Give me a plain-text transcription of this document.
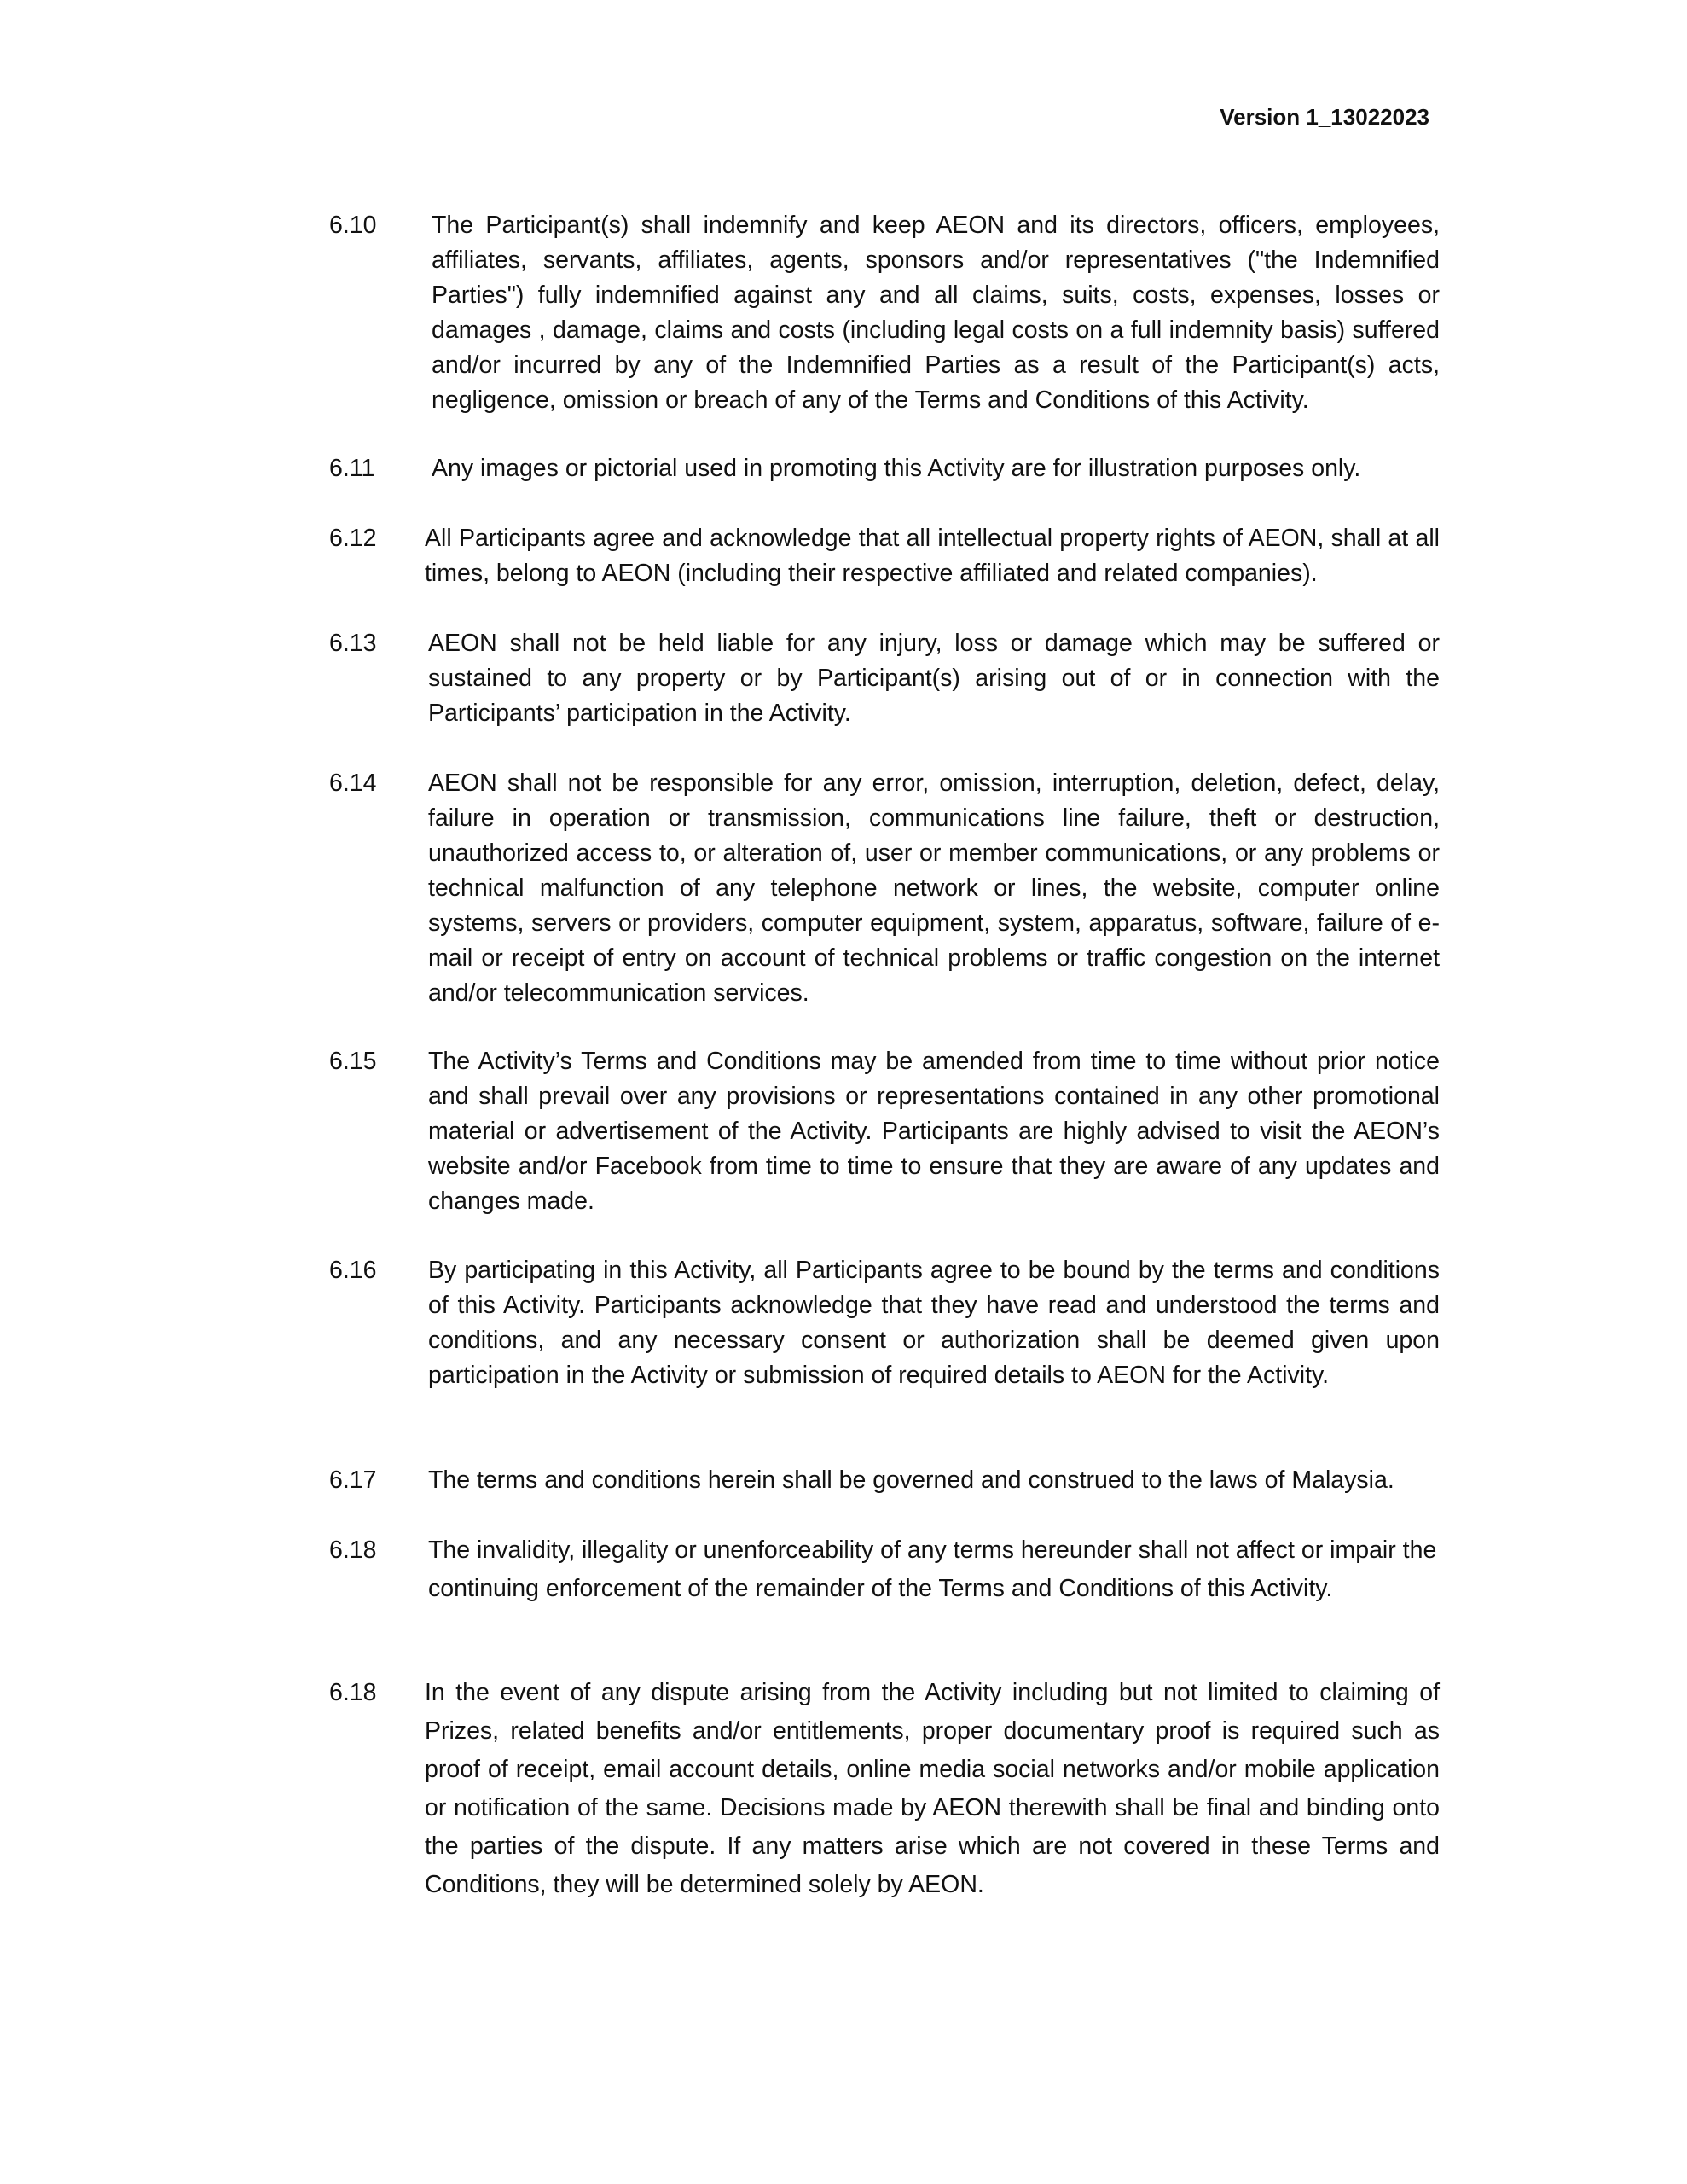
Version 1_13022023
6.10 The Participant(s) shall indemnify and keep AEON and its directors, officers, employees, affiliates, servants, affiliates, agents, sponsors and/or representatives ("the Indemnified Parties") fully indemnified against any and all claims, suits, costs, expenses, losses or damages , damage, claims and costs (including legal costs on a full indemnity basis) suffered and/or incurred by any of the Indemnified Parties as a result of the Participant(s) acts, negligence, omission or breach of any of the Terms and Conditions of this Activity.
6.11 Any images or pictorial used in promoting this Activity are for illustration purposes only.
6.12 All Participants agree and acknowledge that all intellectual property rights of AEON, shall at all times, belong to AEON (including their respective affiliated and related companies).
6.13 AEON shall not be held liable for any injury, loss or damage which may be suffered or sustained to any property or by Participant(s) arising out of or in connection with the Participants’ participation in the Activity.
6.14 AEON shall not be responsible for any error, omission, interruption, deletion, defect, delay, failure in operation or transmission, communications line failure, theft or destruction, unauthorized access to, or alteration of, user or member communications, or any problems or technical malfunction of any telephone network or lines, the website, computer online systems, servers or providers, computer equipment, system, apparatus, software, failure of e-mail or receipt of entry on account of technical problems or traffic congestion on the internet and/or telecommunication services.
6.15 The Activity’s Terms and Conditions may be amended from time to time without prior notice and shall prevail over any provisions or representations contained in any other promotional material or advertisement of the Activity. Participants are highly advised to visit the AEON’s website and/or Facebook from time to time to ensure that they are aware of any updates and changes made.
6.16 By participating in this Activity, all Participants agree to be bound by the terms and conditions of this Activity. Participants acknowledge that they have read and understood the terms and conditions, and any necessary consent or authorization shall be deemed given upon participation in the Activity or submission of required details to AEON for the Activity.
6.17 The terms and conditions herein shall be governed and construed to the laws of Malaysia.
6.18 The invalidity, illegality or unenforceability of any terms hereunder shall not affect or impair the continuing enforcement of the remainder of the Terms and Conditions of this Activity.
6.18 In the event of any dispute arising from the Activity including but not limited to claiming of Prizes, related benefits and/or entitlements, proper documentary proof is required such as proof of receipt, email account details, online media social networks and/or mobile application or notification of the same. Decisions made by AEON therewith shall be final and binding onto the parties of the dispute. If any matters arise which are not covered in these Terms and Conditions, they will be determined solely by AEON.
